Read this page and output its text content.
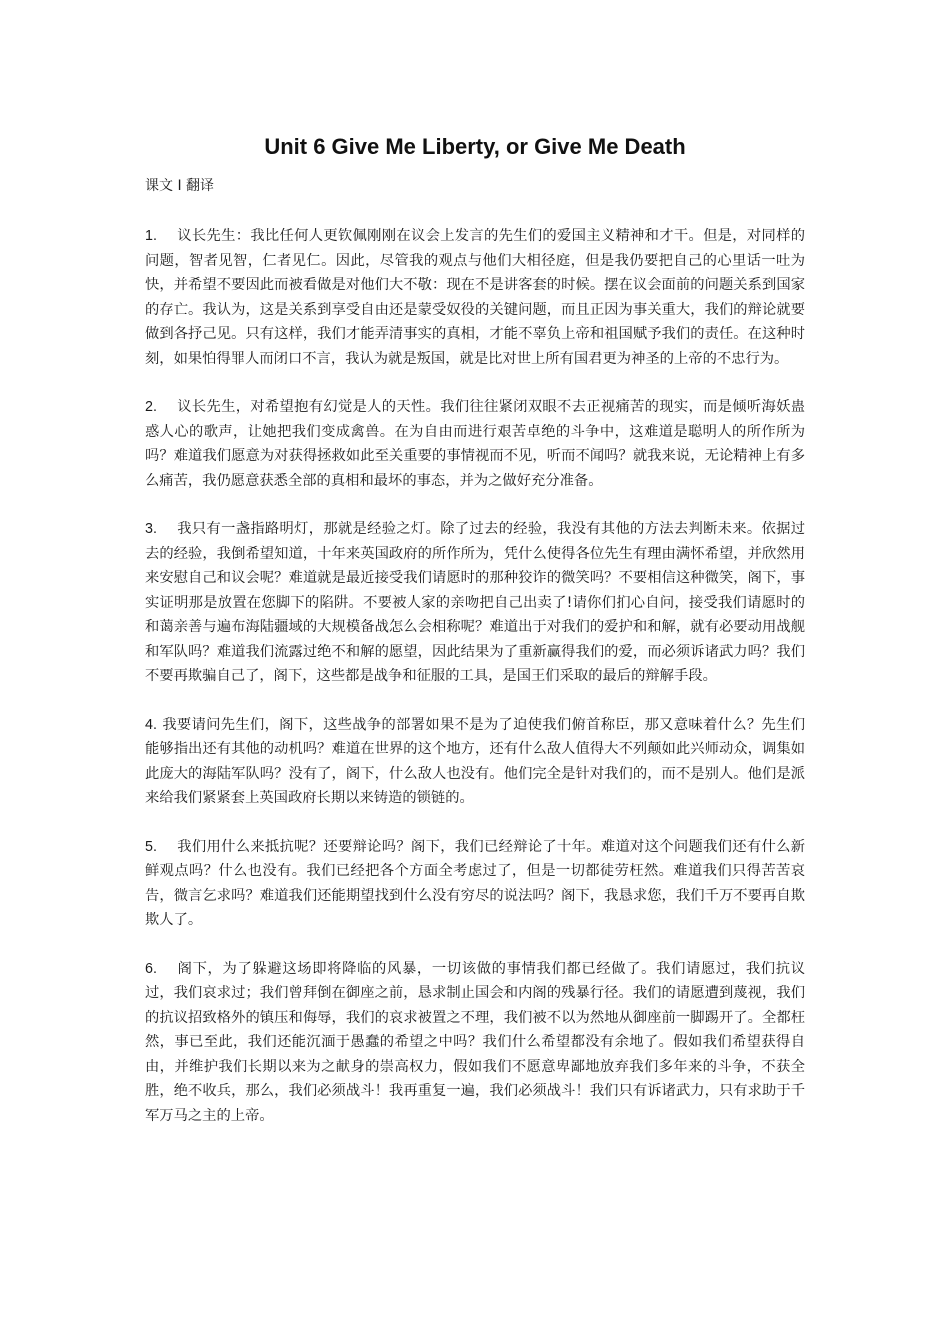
Unit 6 Give Me Liberty, or Give Me Death

课文 I 翻译

1. 议长先生：我比任何人更钦佩刚刚在议会上发言的先生们的爱国主义精神和才干。但是，对同样的问题，智者见智，仁者见仁。因此，尽管我的观点与他们大相径庭，但是我仍要把自己的心里话一吐为快，并希望不要因此而被看做是对他们大不敬：现在不是讲客套的时候。摆在议会面前的问题关系到国家的存亡。我认为，这是关系到享受自由还是蒙受奴役的关键问题，而且正因为事关重大，我们的辩论就要做到各抒己见。只有这样，我们才能弄清事实的真相，才能不辜负上帝和祖国赋予我们的责任。在这种时刻，如果怕得罪人而闭口不言，我认为就是叛国，就是比对世上所有国君更为神圣的上帝的不忠行为。

2. 议长先生，对希望抱有幻觉是人的天性。我们往往紧闭双眼不去正视痛苦的现实，而是倾听海妖蛊惑人心的歌声，让她把我们变成禽兽。在为自由而进行艰苦卓绝的斗争中，这难道是聪明人的所作所为吗？难道我们愿意为对获得拯救如此至关重要的事情视而不见，听而不闻吗？就我来说，无论精神上有多么痛苦，我仍愿意获悉全部的真相和最坏的事态，并为之做好充分准备。

3. 我只有一盏指路明灯，那就是经验之灯。除了过去的经验，我没有其他的方法去判断未来。依据过去的经验，我倒希望知道，十年来英国政府的所作所为，凭什么使得各位先生有理由满怀希望，并欣然用来安慰自己和议会呢？难道就是最近接受我们请愿时的那种狡诈的微笑吗？不要相信这种微笑，阁下，事实证明那是放置在您脚下的陷阱。不要被人家的亲吻把自己出卖了!请你们扪心自问，接受我们请愿时的和蔼亲善与遍布海陆疆域的大规模备战怎么会相称呢？难道出于对我们的爱护和和解，就有必要动用战舰和军队吗？难道我们流露过绝不和解的愿望，因此结果为了重新赢得我们的爱，而必须诉诸武力吗？我们不要再欺骗自己了，阁下，这些都是战争和征服的工具，是国王们采取的最后的辩解手段。

4. 我要请问先生们，阁下，这些战争的部署如果不是为了迫使我们俯首称臣，那又意味着什么？先生们能够指出还有其他的动机吗？难道在世界的这个地方，还有什么敌人值得大不列颠如此兴师动众，调集如此庞大的海陆军队吗？没有了，阁下，什么敌人也没有。他们完全是针对我们的，而不是别人。他们是派来给我们紧紧套上英国政府长期以来铸造的锁链的。

5. 我们用什么来抵抗呢？还要辩论吗？阁下，我们已经辩论了十年。难道对这个问题我们还有什么新鲜观点吗？什么也没有。我们已经把各个方面全考虑过了，但是一切都徒劳枉然。难道我们只得苦苦哀告，微言乞求吗？难道我们还能期望找到什么没有穷尽的说法吗？阁下，我恳求您，我们千万不要再自欺欺人了。

6. 阁下，为了躲避这场即将降临的风暴，一切该做的事情我们都已经做了。我们请愿过，我们抗议过，我们哀求过；我们曾拜倒在御座之前，恳求制止国会和内阁的残暴行径。我们的请愿遭到蔑视，我们的抗议招致格外的镇压和侮辱，我们的哀求被置之不理，我们被不以为然地从御座前一脚踢开了。全都枉然，事已至此，我们还能沉湎于愚蠢的希望之中吗？我们什么希望都没有余地了。假如我们希望获得自由，并维护我们长期以来为之献身的崇高权力，假如我们不愿意卑鄙地放弃我们多年来的斗争，不获全胜，绝不收兵，那么，我们必须战斗！我再重复一遍，我们必须战斗！我们只有诉诸武力，只有求助于千军万马之主的上帝。
